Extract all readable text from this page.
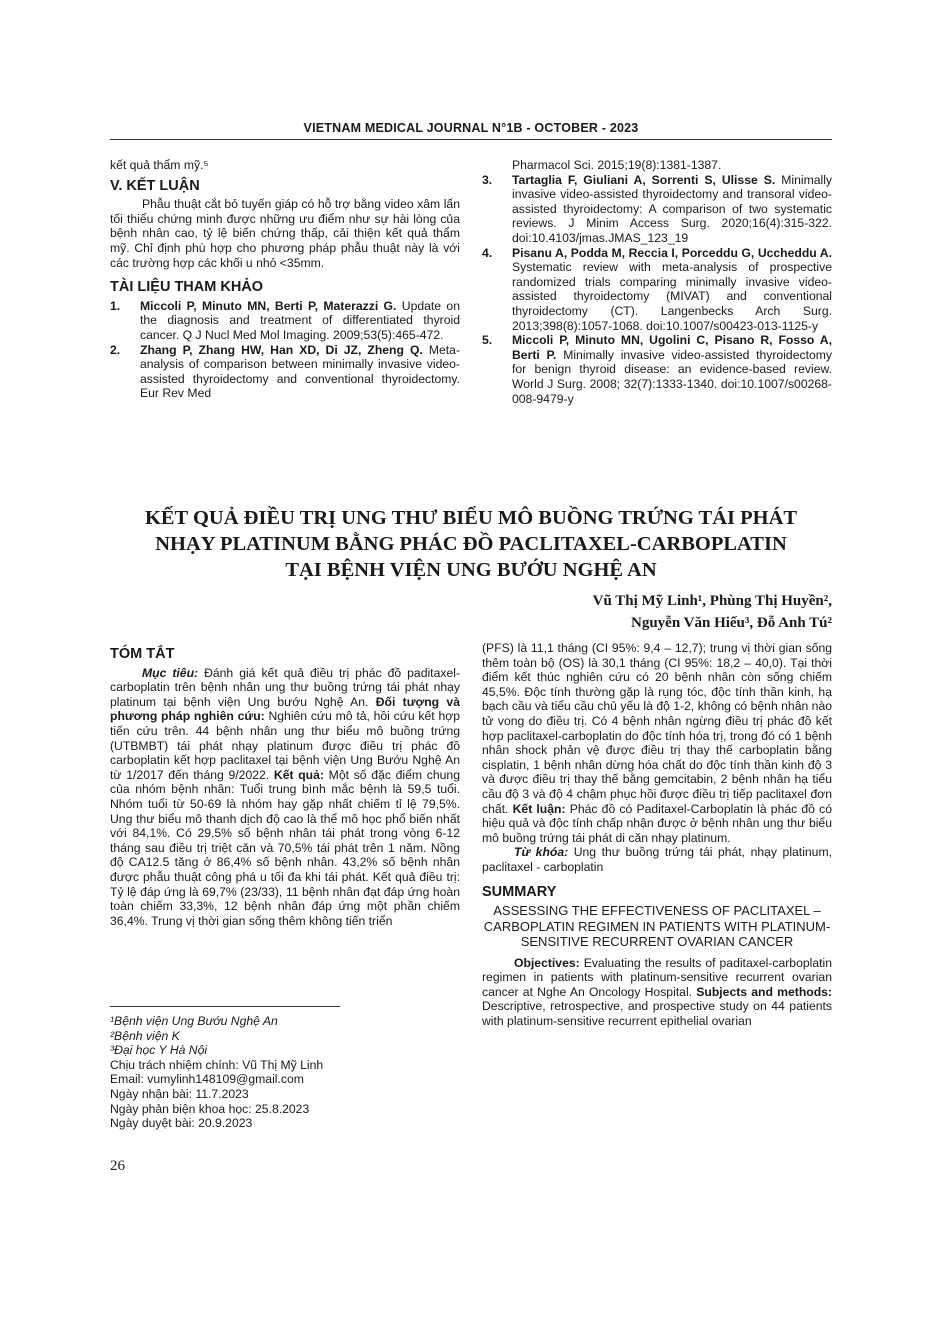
VIETNAM MEDICAL JOURNAL N°1B - OCTOBER - 2023
kết quả thẩm mỹ.⁵
V. KẾT LUẬN

Phẫu thuật cắt bỏ tuyến giáp có hỗ trợ bằng video xâm lấn tối thiểu chứng minh được những ưu điểm như sự hài lòng của bệnh nhân cao, tỷ lệ biến chứng thấp, cải thiện kết quả thẩm mỹ. Chỉ định phù hợp cho phương pháp phẫu thuật này là với các trường hợp các khối u nhỏ <35mm.

TÀI LIỆU THAM KHẢO
1.	Miccoli P, Minuto MN, Berti P, Materazzi G. Update on the diagnosis and treatment of differentiated thyroid cancer. Q J Nucl Med Mol Imaging. 2009;53(5):465-472.
2.	Zhang P, Zhang HW, Han XD, Di JZ, Zheng Q. Meta-analysis of comparison between minimally invasive video-assisted thyroidectomy and conventional thyroidectomy. Eur Rev Med
Pharmacol Sci. 2015;19(8):1381-1387.
3.	Tartaglia F, Giuliani A, Sorrenti S, Ulisse S. Minimally invasive video-assisted thyroidectomy and transoral video-assisted thyroidectomy: A comparison of two systematic reviews. J Minim Access Surg. 2020;16(4):315-322. doi:10.4103/jmas.JMAS_123_19
4.	Pisanu A, Podda M, Reccia I, Porceddu G, Uccheddu A. Systematic review with meta-analysis of prospective randomized trials comparing minimally invasive video-assisted thyroidectomy (MIVAT) and conventional thyroidectomy (CT). Langenbecks Arch Surg. 2013;398(8):1057-1068. doi:10.1007/s00423-013-1125-y
5.	Miccoli P, Minuto MN, Ugolini C, Pisano R, Fosso A, Berti P. Minimally invasive video-assisted thyroidectomy for benign thyroid disease: an evidence-based review. World J Surg. 2008; 32(7):1333-1340. doi:10.1007/s00268-008-9479-y
KẾT QUẢ ĐIỀU TRỊ UNG THƯ BIỂU MÔ BUỒNG TRỨNG TÁI PHÁT
NHẠY PLATINUM BẰNG PHÁC ĐỒ PACLITAXEL-CARBOPLATIN
TẠI BỆNH VIỆN UNG BƯỚU NGHỆ AN
Vũ Thị Mỹ Linh¹, Phùng Thị Huyền²,
Nguyễn Văn Hiếu³, Đỗ Anh Tú²
TÓM TẮT

Mục tiêu: Đánh giá kết quả điều trị phác đồ paditaxel-carboplatin trên bệnh nhân ung thư buồng trứng tái phát nhạy platinum tại bệnh viện Ung bướu Nghệ An. Đối tượng và phương pháp nghiên cứu: Nghiên cứu mô tả, hồi cứu kết hợp tiến cứu trên. 44 bệnh nhân ung thư biểu mô buồng trứng (UTBMBT) tái phát nhạy platinum được điều trị phác đồ carboplatin kết hợp paclitaxel tại bệnh viện Ung Bướu Nghệ An từ 1/2017 đến tháng 9/2022. Kết quả: Một số đặc điểm chung của nhóm bệnh nhân: Tuổi trung bình mắc bệnh là 59,5 tuổi. Nhóm tuổi từ 50-69 là nhóm hay gặp nhất chiếm tỉ lệ 79,5%. Ung thư biểu mô thanh dịch độ cao là thể mô học phổ biến nhất với 84,1%. Có 29,5% số bệnh nhân tái phát trong vòng 6-12 tháng sau điều trị triệt căn và 70,5% tái phát trên 1 năm. Nồng độ CA12.5 tăng ở 86,4% số bệnh nhân. 43,2% số bệnh nhân được phẫu thuật công phá u tối đa khi tái phát. Kết quả điều trị: Tỷ lệ đáp ứng là 69,7% (23/33), 11 bệnh nhân đạt đáp ứng hoàn toàn chiếm 33,3%, 12 bệnh nhân đáp ứng một phần chiếm 36,4%. Trung vị thời gian sống thêm không tiến triển

(PFS) là 11,1 tháng (CI 95%: 9,4 – 12,7); trung vị thời gian sống thêm toàn bộ (OS) là 30,1 tháng (CI 95%: 18,2 – 40,0). Tại thời điểm kết thúc nghiên cứu có 20 bệnh nhân còn sống chiếm 45,5%. Độc tính thường gặp là rụng tóc, độc tính thần kinh, hạ bạch cầu và tiểu cầu chủ yếu là độ 1-2, không có bệnh nhân nào tử vong do điều trị. Có 4 bệnh nhân ngừng điều trị phác đồ kết hợp paclitaxel-carboplatin do độc tính hóa trị, trong đó có 1 bệnh nhân shock phản vệ được điều trị thay thế carboplatin bằng cisplatin, 1 bệnh nhân dừng hóa chất do độc tính thần kinh độ 3 và được điều trị thay thế bằng gemcitabin, 2 bệnh nhân hạ tiểu cầu độ 3 và độ 4 chậm phục hồi được điều trị tiếp paclitaxel đơn chất. Kết luận: Phác đồ có Paditaxel-Carboplatin là phác đồ có hiệu quả và độc tính chấp nhận được ở bệnh nhân ung thư biểu mô buồng trứng tái phát di căn nhạy platinum.

Từ khóa: Ung thư buồng trứng tái phát, nhạy platinum, paclitaxel - carboplatin

SUMMARY
ASSESSING THE EFFECTIVENESS OF PACLITAXEL – CARBOPLATIN REGIMEN IN PATIENTS WITH PLATINUM-SENSITIVE RECURRENT OVARIAN CANCER

Objectives: Evaluating the results of paditaxel-carboplatin regimen in patients with platinum-sensitive recurrent ovarian cancer at Nghe An Oncology Hospital. Subjects and methods: Descriptive, retrospective, and prospective study on 44 patients with platinum-sensitive recurrent epithelial ovarian

¹Bệnh viện Ung Bướu Nghệ An
²Bệnh viện K
³Đại học Y Hà Nội
Chịu trách nhiệm chính: Vũ Thị Mỹ Linh
Email: vumylinh148109@gmail.com
Ngày nhận bài: 11.7.2023
Ngày phản biện khoa học: 25.8.2023
Ngày duyệt bài: 20.9.2023
26
